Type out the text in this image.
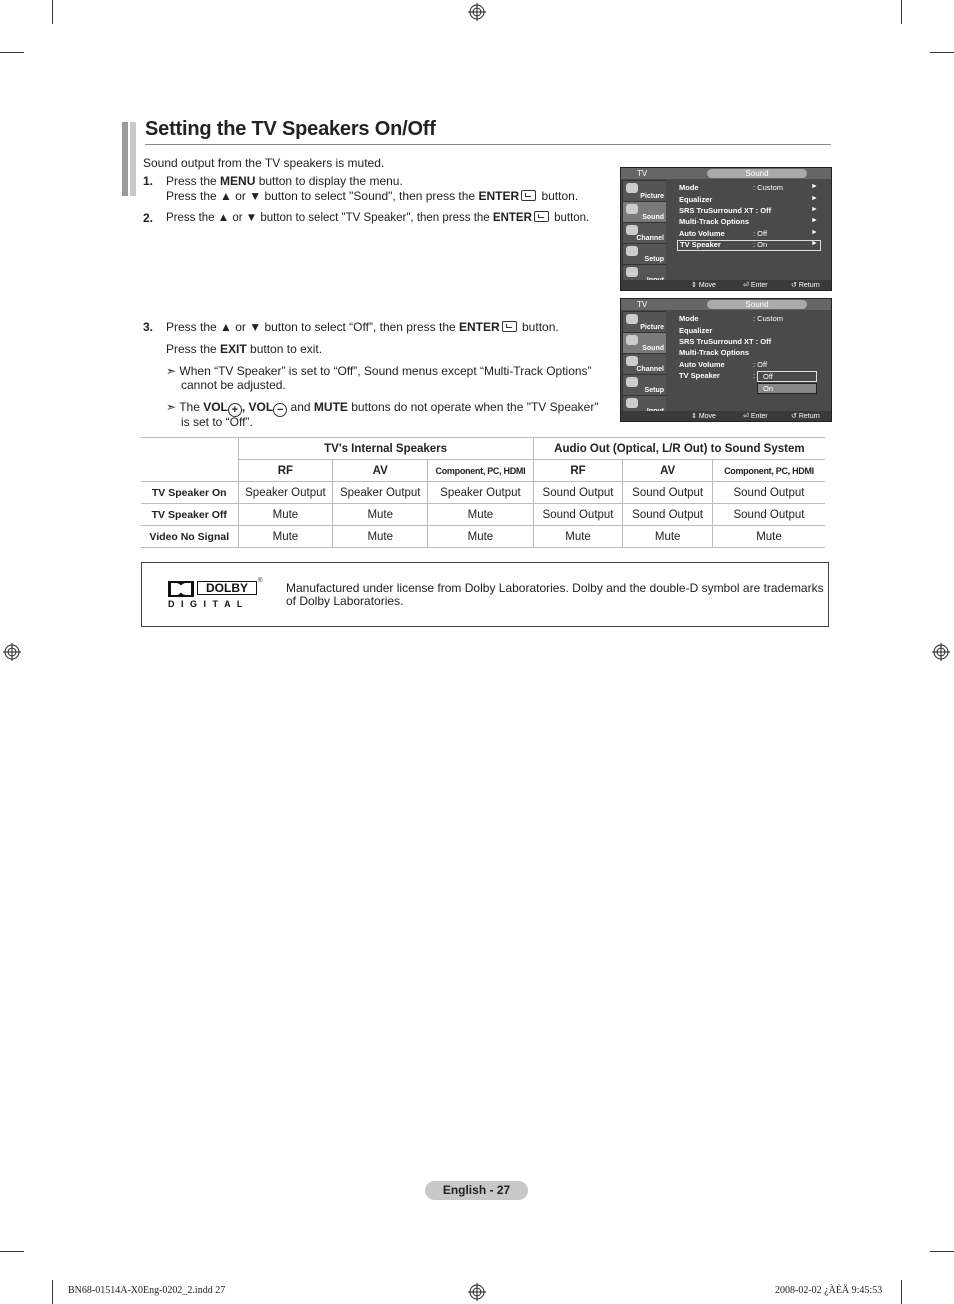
Setting the TV Speakers On/Off
Sound output from the TV speakers is muted.
1. Press the MENU button to display the menu.
Press the ▲ or ▼ button to select "Sound", then press the ENTER button.
2. Press the ▲ or ▼ button to select "TV Speaker", then press the ENTER button.
3. Press the ▲ or ▼ button to select “Off”, then press the ENTER button.
Press the EXIT button to exit.
➣ When “TV Speaker” is set to “Off”, Sound menus except “Multi-Track Options”
cannot be adjusted.
➣ The VOL + , VOL − and MUTE buttons do not operate when the "TV Speaker"
is set to “Off”.
TV	Sound
Picture
Sound
Channel
Setup
Mode	: Custom	►
Equalizer	►
SRS TruSurround XT : Off	►
Multi-Track Options	►
Auto Volume	: Off	►
TV Speaker	: On	►
⇕ Move	⏎ Enter	↺ Return
TV	Sound
Picture
Sound
Channel
Setup
Mode	: Custom
Equalizer
SRS TruSurround XT : Off
Multi-Track Options
Auto Volume	: Off
TV Speaker	:	Off
On
⇕ Move	⏎ Enter	↺ Return
	TV's Internal Speakers			Audio Out (Optical, L/R Out) to Sound System		
	RF	AV	Component, PC, HDMI	RF	AV	Component, PC, HDMI
TV Speaker On	Speaker Output	Speaker Output	Speaker Output	Sound Output	Sound Output	Sound Output
TV Speaker Off	Mute	Mute	Mute	Sound Output	Sound Output	Sound Output
Video No Signal	Mute	Mute	Mute	Mute	Mute	Mute
DOLBY	®
D I G I T A L
Manufactured under license from Dolby Laboratories. Dolby and the double-D symbol are trademarks of Dolby Laboratories.
English - 27
BN68-01514A-X0Eng-0202_2.indd 27	2008-02-02 ¿ÀÈÄ 9:45:53
